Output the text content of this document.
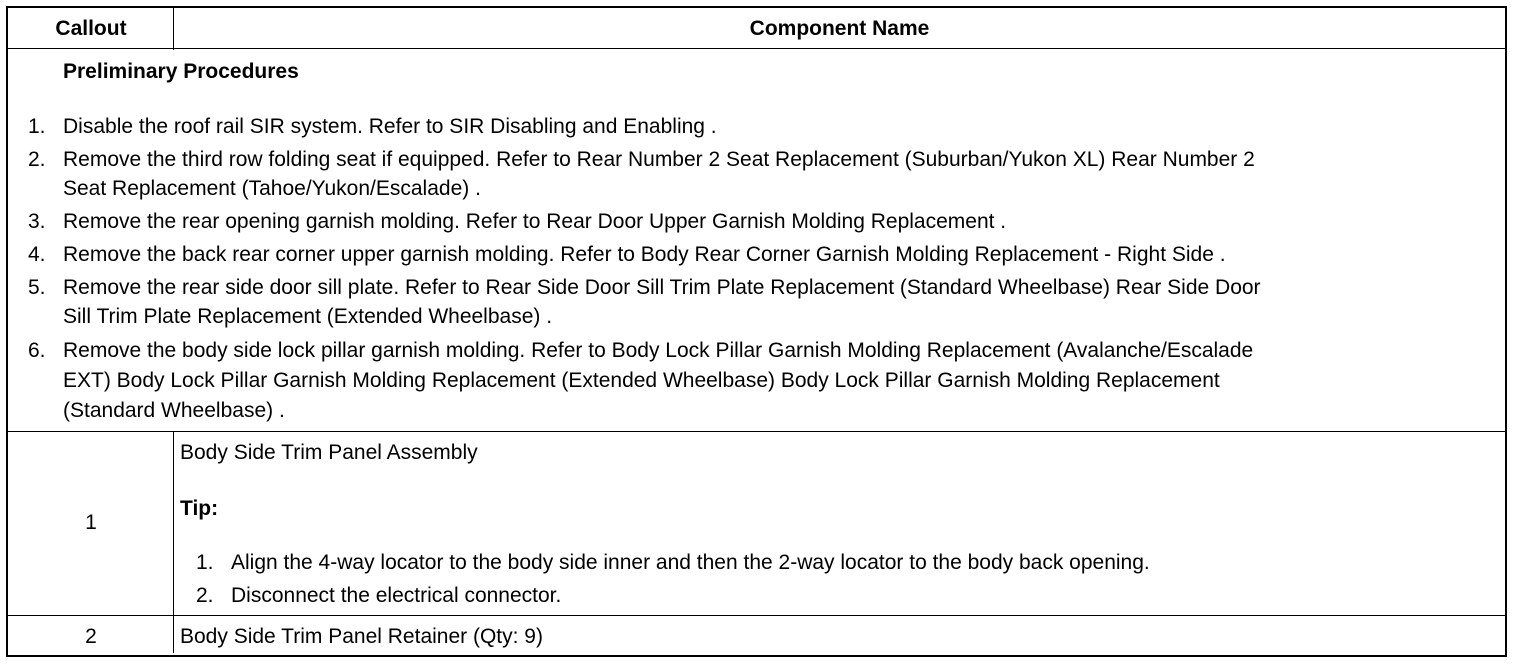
Callout	Component Name
Preliminary Procedures
1. Disable the roof rail SIR system. Refer to SIR Disabling and Enabling .
2. Remove the third row folding seat if equipped. Refer to Rear Number 2 Seat Replacement (Suburban/Yukon XL) Rear Number 2
Seat Replacement (Tahoe/Yukon/Escalade) .
3. Remove the rear opening garnish molding. Refer to Rear Door Upper Garnish Molding Replacement .
4. Remove the back rear corner upper garnish molding. Refer to Body Rear Corner Garnish Molding Replacement - Right Side .
5. Remove the rear side door sill plate. Refer to Rear Side Door Sill Trim Plate Replacement (Standard Wheelbase) Rear Side Door
Sill Trim Plate Replacement (Extended Wheelbase) .
6. Remove the body side lock pillar garnish molding. Refer to Body Lock Pillar Garnish Molding Replacement (Avalanche/Escalade
EXT) Body Lock Pillar Garnish Molding Replacement (Extended Wheelbase) Body Lock Pillar Garnish Molding Replacement
(Standard Wheelbase) .
1
Body Side Trim Panel Assembly
Tip:
1. Align the 4-way locator to the body side inner and then the 2-way locator to the body back opening.
2. Disconnect the electrical connector.
2	Body Side Trim Panel Retainer (Qty: 9)
